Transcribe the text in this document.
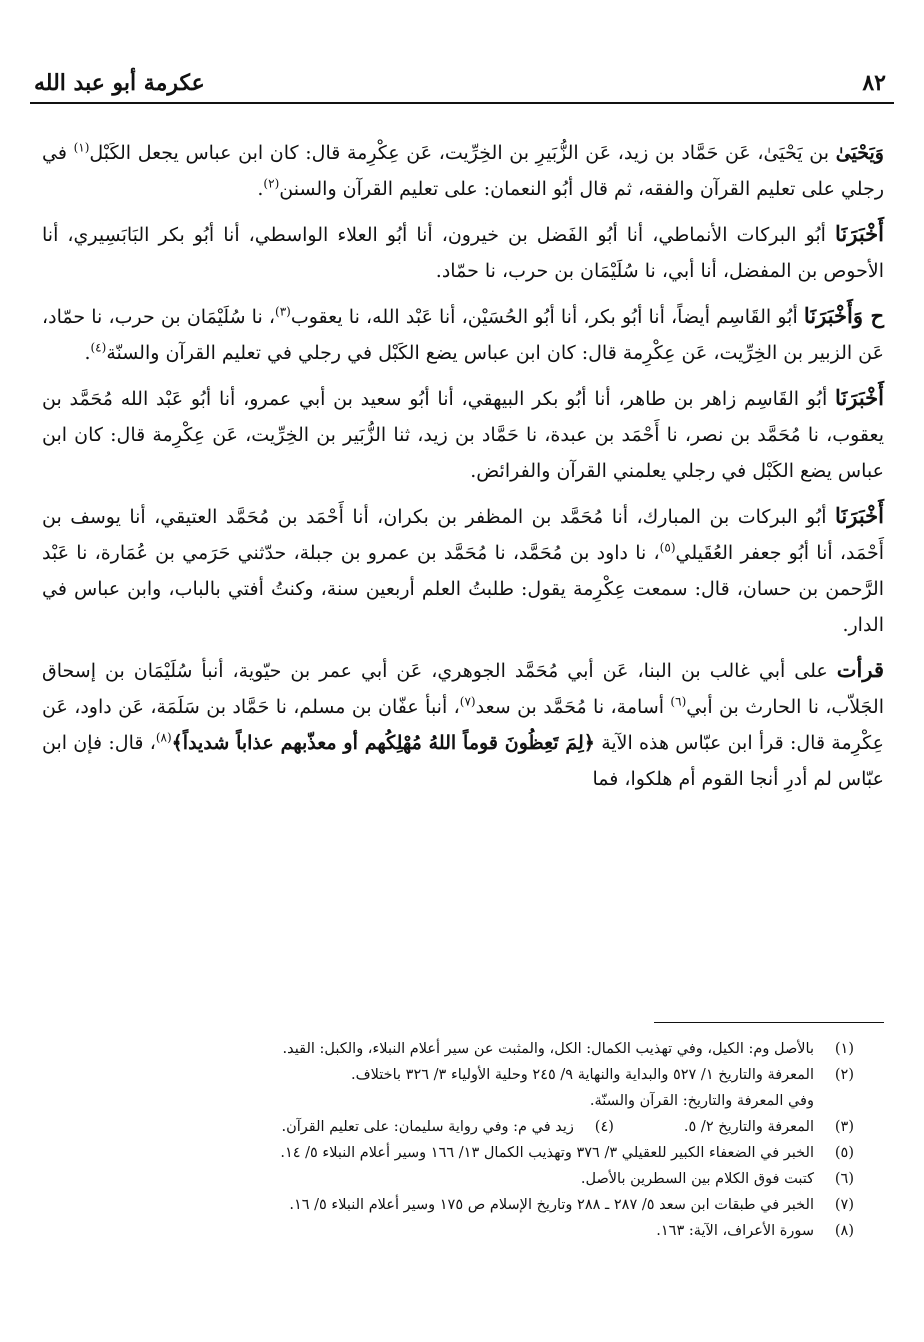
عكرمة أبو عبد الله	٨٢

وَيَحْيَىٰ بن يَحْيَىٰ، عَن حَمَّاد بن زيد، عَن الزُّبَيرِ بن الخِرِّيت، عَن عِكْرِمة قال: كان ابن عباس يجعل الكَبْل$^{(١)}$ في رجلي على تعليم القرآن والفقه، ثم قال أبُو النعمان: على تعليم القرآن والسنن$^{(٢)}$.

أَخْبَرَنَا أبُو البركات الأنماطي، أنا أبُو الفَضل بن خيرون، أنا أبُو العلاء الواسطي، أنا أبُو بكر البَابَسِيري، أنا الأحوص بن المفضل، أنا أبي، نا سُلَيْمَان بن حرب، نا حمّاد.

ح وَأَخْبَرَنَا أبُو القَاسِم أيضاً، أنا أبُو بكر، أنا أبُو الحُسَيْن، أنا عَبْد الله، نا يعقوب$^{(٣)}$، نا سُلَيْمَان بن حرب، نا حمّاد، عَن الزبير بن الخِرِّيت، عَن عِكْرِمة قال: كان ابن عباس يضع الكَبْل في رجلي في تعليم القرآن والسنّة$^{(٤)}$.

أَخْبَرَنَا أبُو القَاسِم زاهر بن طاهر، أنا أبُو بكر البيهقي، أنا أبُو سعيد بن أبي عمرو، أنا أبُو عَبْد الله مُحَمَّد بن يعقوب، نا مُحَمَّد بن نصر، نا أَحْمَد بن عبدة، نا حَمَّاد بن زيد، ثنا الزُّبَير بن الخِرِّيت، عَن عِكْرِمة قال: كان ابن عباس يضع الكَبْل في رجلي يعلمني القرآن والفرائض.

أَخْبَرَنَا أبُو البركات بن المبارك، أنا مُحَمَّد بن المظفر بن بكران، أنا أَحْمَد بن مُحَمَّد العتيقي، أنا يوسف بن أَحْمَد، أنا أبُو جعفر العُقَيلي$^{(٥)}$، نا داود بن مُحَمَّد، نا مُحَمَّد بن عمرو بن جبلة، حدّثني حَرَمي بن عُمَارة، نا عَبْد الرَّحمن بن حسان، قال: سمعت عِكْرِمة يقول: طلبتُ العلم أربعين سنة، وكنتُ أفتي بالباب، وابن عباس في الدار.

قرأت على أبي غالب بن البنا، عَن أبي مُحَمَّد الجوهري، عَن أبي عمر بن حيّوية، أنبأ سُلَيْمَان بن إسحاق الجَلاّب، نا الحارث بن أبي$^{(٦)}$ أسامة، نا مُحَمَّد بن سعد$^{(٧)}$، أنبأ عفّان بن مسلم، نا حَمَّاد بن سَلَمَة، عَن داود، عَن عِكْرِمة قال: قرأ ابن عبّاس هذه الآية ﴿لِمَ تَعِظُونَ قوماً اللهُ مُهْلِكُهم أو معذّبهم عذاباً شديداً﴾$^{(٨)}$، قال: فإن ابن عبّاس لم أدرِ أنجا القوم أم هلكوا، فما

(١)
بالأصل وم: الكيل، وفي تهذيب الكمال: الكل، والمثبت عن سير أعلام النبلاء، والكبل: القيد.
(٢)
المعرفة والتاريخ ١/ ٥٢٧ والبداية والنهاية ٩/ ٢٤٥ وحلية الأولياء ٣/ ٣٢٦ باختلاف.
وفي المعرفة والتاريخ: القرآن والسنّة.
(٣)
المعرفة والتاريخ ٢/ ٥.
(٤)
زيد في م: وفي رواية سليمان: على تعليم القرآن.
(٥)
الخبر في الضعفاء الكبير للعقيلي ٣/ ٣٧٦ وتهذيب الكمال ١٣/ ١٦٦ وسير أعلام النبلاء ٥/ ١٤.
(٦)
كتبت فوق الكلام بين السطرين بالأصل.
(٧)
الخبر في طبقات ابن سعد ٥/ ٢٨٧ ـ ٢٨٨ وتاريخ الإسلام ص ١٧٥ وسير أعلام النبلاء ٥/ ١٦.
(٨)
سورة الأعراف، الآية: ١٦٣.
